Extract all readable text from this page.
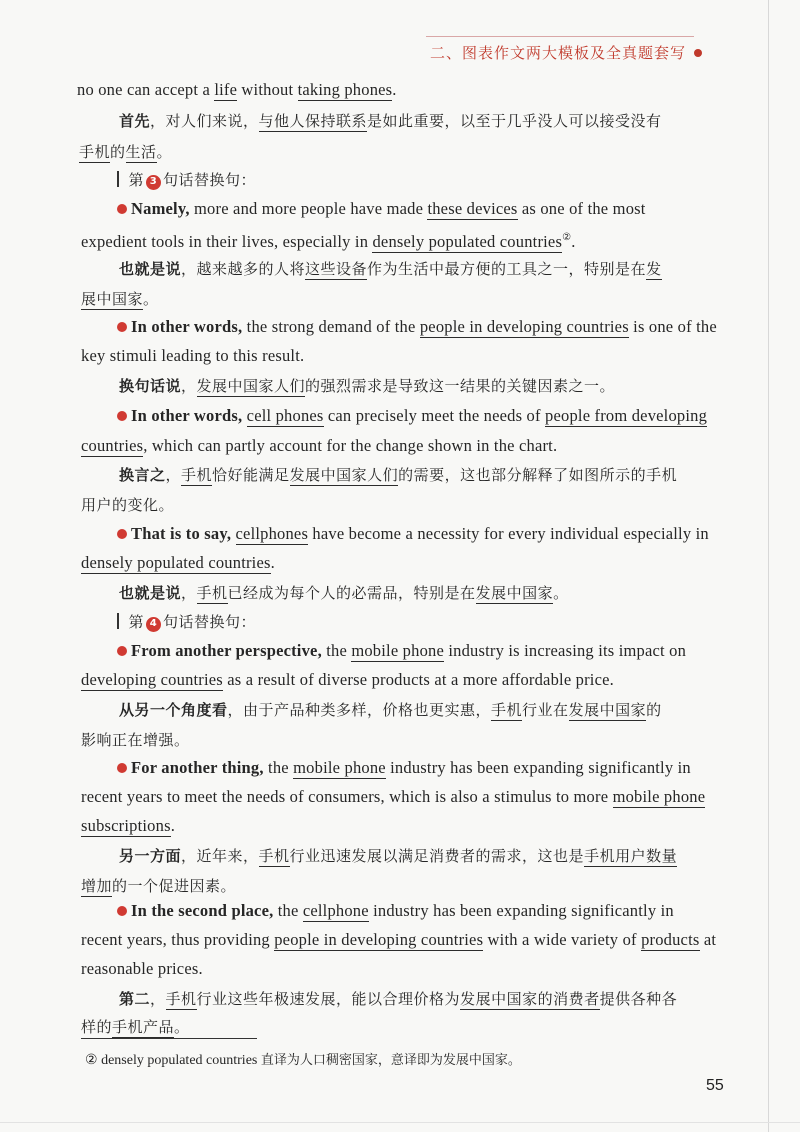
二、图表作文两大模板及全真题套写
no one can accept a life without taking phones.
首先，对人们来说，与他人保持联系是如此重要，以至于几乎没人可以接受没有
手机的生活。
第 3 句话替换句：
Namely, more and more people have made these devices as one of the most
expedient tools in their lives, especially in densely populated countries②.
也就是说，越来越多的人将这些设备作为生活中最方便的工具之一，特别是在发
展中国家。
In other words, the strong demand of the people in developing countries is one of the
key stimuli leading to this result.
换句话说，发展中国家人们的强烈需求是导致这一结果的关键因素之一。
In other words, cell phones can precisely meet the needs of people from developing
countries, which can partly account for the change shown in the chart.
换言之，手机恰好能满足发展中国家人们的需要，这也部分解释了如图所示的手机
用户的变化。
That is to say, cellphones have become a necessity for every individual especially in
densely populated countries.
也就是说，手机已经成为每个人的必需品，特别是在发展中国家。
第 4 句话替换句：
From another perspective, the mobile phone industry is increasing its impact on
developing countries as a result of diverse products at a more affordable price.
从另一个角度看，由于产品种类多样，价格也更实惠，手机行业在发展中国家的
影响正在增强。
For another thing, the mobile phone industry has been expanding significantly in
recent years to meet the needs of consumers, which is also a stimulus to more mobile phone
subscriptions.
另一方面，近年来，手机行业迅速发展以满足消费者的需求，这也是手机用户数量
增加的一个促进因素。
In the second place, the cellphone industry has been expanding significantly in
recent years, thus providing people in developing countries with a wide variety of products at
reasonable prices.
第二，手机行业这些年极速发展，能以合理价格为发展中国家的消费者提供各种各
样的手机产品。
② densely populated countries 直译为人口稠密国家，意译即为发展中国家。
55
